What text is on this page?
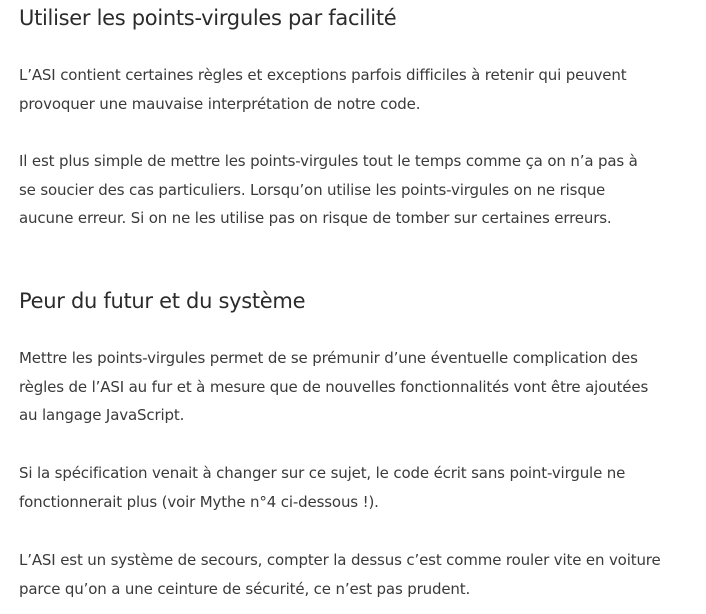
Utiliser les points-virgules par facilité

L’ASI contient certaines règles et exceptions parfois difficiles à retenir qui peuvent
provoquer une mauvaise interprétation de notre code.

Il est plus simple de mettre les points-virgules tout le temps comme ça on n’a pas à
se soucier des cas particuliers. Lorsqu’on utilise les points-virgules on ne risque
aucune erreur. Si on ne les utilise pas on risque de tomber sur certaines erreurs.

Peur du futur et du système

Mettre les points-virgules permet de se prémunir d’une éventuelle complication des
règles de l’ASI au fur et à mesure que de nouvelles fonctionnalités vont être ajoutées
au langage JavaScript.

Si la spécification venait à changer sur ce sujet, le code écrit sans point-virgule ne
fonctionnerait plus (voir Mythe n°4 ci-dessous !).

L’ASI est un système de secours, compter la dessus c’est comme rouler vite en voiture
parce qu’on a une ceinture de sécurité, ce n’est pas prudent.
